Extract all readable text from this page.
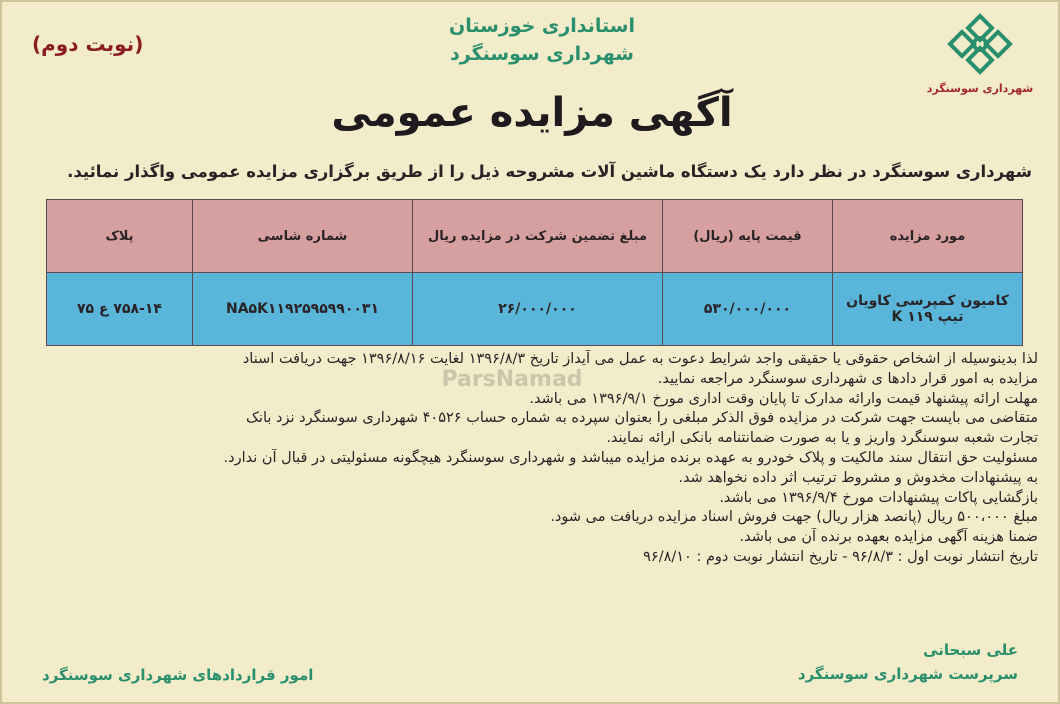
استانداری خوزستان
شهرداری سوسنگرد
(نوبت دوم)
شهرداری سوسنگرد
آگهی مزایده عمومی
شهرداری سوسنگرد در نظر دارد یک دستگاه ماشین آلات مشروحه ذیل را از طریق برگزاری مزایده عمومی واگذار نمائید.
مورد مزایده	قیمت پایه (ریال)	مبلغ تضمین شرکت در مزایده ریال	شماره شاسی	پلاک
کامیون کمپرسی کاویان تیپ K ۱۱۹	۵۳۰/۰۰۰/۰۰۰	۲۶/۰۰۰/۰۰۰	NA۵K۱۱۹۲۵۹۵۹۹۰۰۳۱	۷۵۸-۱۴ ع ۷۵
ParsNamad

لذا بدینوسیله از اشخاص حقوقی یا حقیقی واجد شرایط دعوت به عمل می آیداز تاریخ ۱۳۹۶/۸/۳ لغایت ۱۳۹۶/۸/۱۶ جهت دریافت اسناد

مزایده به امور قرار دادها ی شهرداری سوسنگرد مراجعه نمایید.

مهلت ارائه پیشنهاد قیمت وارائه مدارک تا پایان وقت اداری مورخ ۱۳۹۶/۹/۱ می باشد.

متقاضی می بایست جهت شرکت در مزایده فوق الذکر مبلغی را بعنوان سپرده به شماره حساب ۴۰۵۲۶ شهرداری سوسنگرد نزد بانک

تجارت شعبه سوسنگرد واریز و یا به صورت ضمانتنامه بانکی ارائه نمایند.

مسئولیت حق انتقال سند مالکیت و پلاک خودرو به عهده برنده مزایده میباشد و شهرداری سوسنگرد هیچگونه مسئولیتی در قبال آن ندارد.

به پیشنهادات مخدوش و مشروط ترتیب اثر داده نخواهد شد.

بازگشایی پاکات پیشنهادات مورخ ۱۳۹۶/۹/۴ می باشد.

مبلغ ۵۰۰،۰۰۰ ریال (پانصد هزار ریال) جهت فروش اسناد مزایده دریافت می شود.

ضمنا هزینه آگهی مزایده بعهده برنده آن می باشد.

تاریخ انتشار نوبت اول : ۹۶/۸/۳ - تاریخ انتشار نوبت دوم : ۹۶/۸/۱۰

علی سبحانی
سرپرست شهرداری سوسنگرد
امور قراردادهای شهرداری سوسنگرد
